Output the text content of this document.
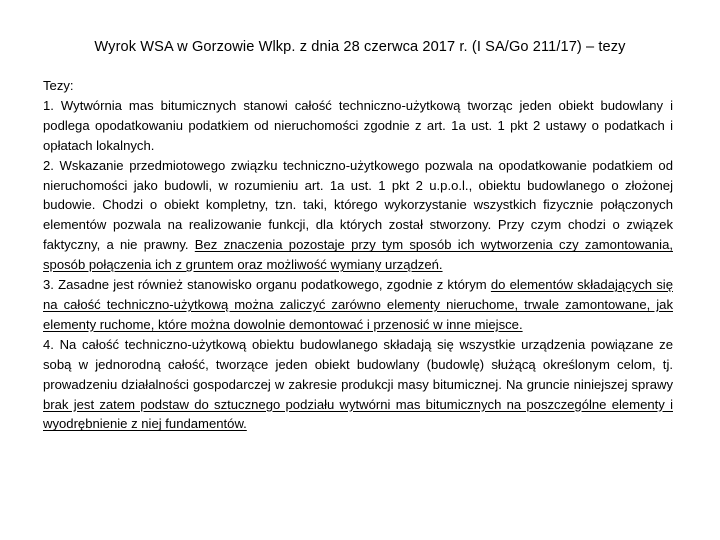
Wyrok WSA w Gorzowie Wlkp. z dnia 28 czerwca 2017 r. (I SA/Go 211/17) – tezy

Tezy:

1. Wytwórnia mas bitumicznych stanowi całość techniczno-użytkową tworząc jeden obiekt budowlany i podlega opodatkowaniu podatkiem od nieruchomości zgodnie z art. 1a ust. 1 pkt 2 ustawy o podatkach i opłatach lokalnych.

2. Wskazanie przedmiotowego związku techniczno-użytkowego pozwala na opodatkowanie podatkiem od nieruchomości jako budowli, w rozumieniu art. 1a ust. 1 pkt 2 u.p.o.l., obiektu budowlanego o złożonej budowie. Chodzi o obiekt kompletny, tzn. taki, którego wykorzystanie wszystkich fizycznie połączonych elementów pozwala na realizowanie funkcji, dla których został stworzony. Przy czym chodzi o związek faktyczny, a nie prawny. Bez znaczenia pozostaje przy tym sposób ich wytworzenia czy zamontowania, sposób połączenia ich z gruntem oraz możliwość wymiany urządzeń.

3. Zasadne jest również stanowisko organu podatkowego, zgodnie z którym do elementów składających się na całość techniczno-użytkową można zaliczyć zarówno elementy nieruchome, trwale zamontowane, jak elementy ruchome, które można dowolnie demontować i przenosić w inne miejsce.

4. Na całość techniczno-użytkową obiektu budowlanego składają się wszystkie urządzenia powiązane ze sobą w jednorodną całość, tworzące jeden obiekt budowlany (budowlę) służącą określonym celom, tj. prowadzeniu działalności gospodarczej w zakresie produkcji masy bitumicznej. Na gruncie niniejszej sprawy brak jest zatem podstaw do sztucznego podziału wytwórni mas bitumicznych na poszczególne elementy i wyodrębnienie z niej fundamentów.
